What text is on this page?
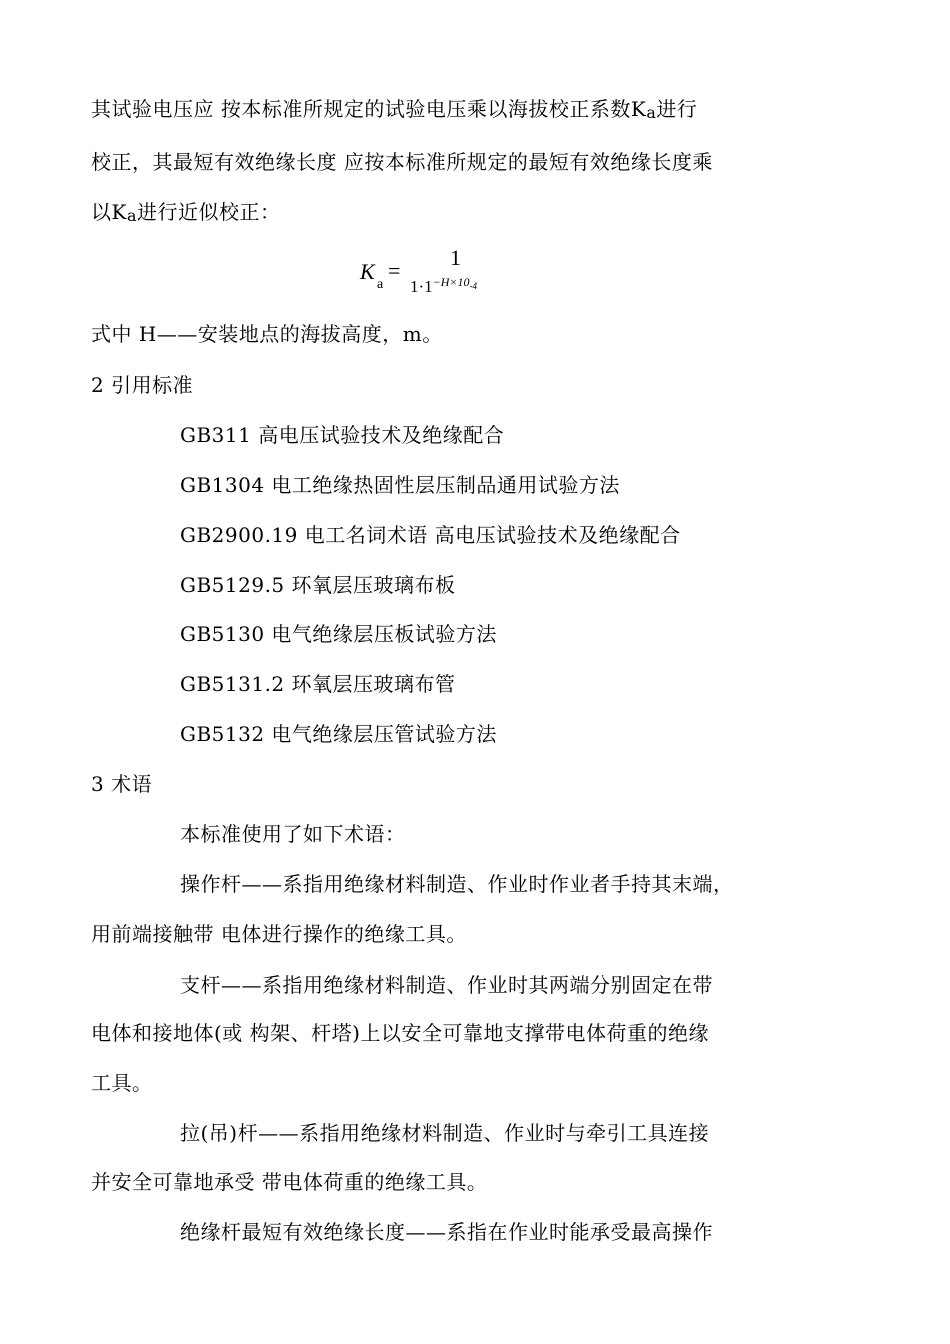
其试验电压应 按本标准所规定的试验电压乘以海拔校正系数Ka进行
校正，其最短有效绝缘长度 应按本标准所规定的最短有效绝缘长度乘
以Ka进行近似校正：
K
a
=
1
$1\cdot 1^{-H\times 10_{-4}}$
式中 H——安装地点的海拔高度，m。
2 引用标准
GB311 高电压试验技术及绝缘配合
GB1304 电工绝缘热固性层压制品通用试验方法
GB2900.19 电工名词术语 高电压试验技术及绝缘配合
GB5129.5 环氧层压玻璃布板
GB5130 电气绝缘层压板试验方法
GB5131.2 环氧层压玻璃布管
GB5132 电气绝缘层压管试验方法
3 术语
本标准使用了如下术语：
操作杆——系指用绝缘材料制造、作业时作业者手持其末端，
用前端接触带 电体进行操作的绝缘工具。
支杆——系指用绝缘材料制造、作业时其两端分别固定在带
电体和接地体(或 构架、杆塔)上以安全可靠地支撑带电体荷重的绝缘
工具。
拉(吊)杆——系指用绝缘材料制造、作业时与牵引工具连接
并安全可靠地承受 带电体荷重的绝缘工具。
绝缘杆最短有效绝缘长度——系指在作业时能承受最高操作
